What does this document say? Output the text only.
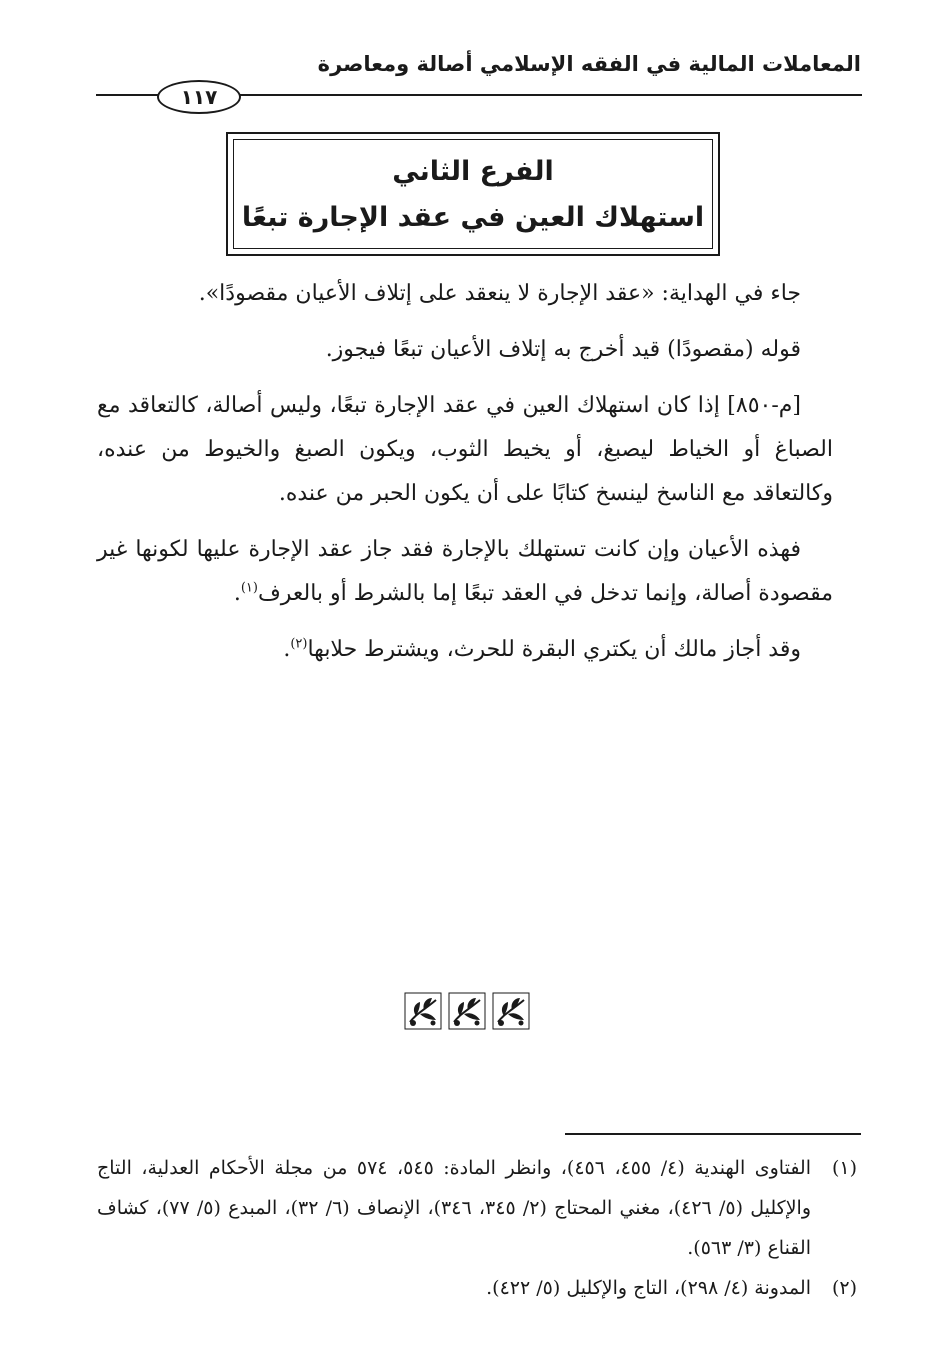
المعاملات المالية في الفقه الإسلامي أصالة ومعاصرة
١١٧
الفرع الثاني
استهلاك العين في عقد الإجارة تبعًا

جاء في الهداية: «عقد الإجارة لا ينعقد على إتلاف الأعيان مقصودًا».

قوله (مقصودًا) قيد أخرج به إتلاف الأعيان تبعًا فيجوز.

[م-٨٥٠] إذا كان استهلاك العين في عقد الإجارة تبعًا، وليس أصالة، كالتعاقد مع الصباغ أو الخياط ليصبغ، أو يخيط الثوب، ويكون الصبغ والخيوط من عنده، وكالتعاقد مع الناسخ لينسخ كتابًا على أن يكون الحبر من عنده.

فهذه الأعيان وإن كانت تستهلك بالإجارة فقد جاز عقد الإجارة عليها لكونها غير مقصودة أصالة، وإنما تدخل في العقد تبعًا إما بالشرط أو بالعرف$^{(١)}$.

وقد أجاز مالك أن يكتري البقرة للحرث، ويشترط حلابها$^{(٢)}$.

(١)
الفتاوى الهندية (٤/ ٤٥٥، ٤٥٦)، وانظر المادة: ٥٤٥، ٥٧٤ من مجلة الأحكام العدلية، التاج والإكليل (٥/ ٤٢٦)، مغني المحتاج (٢/ ٣٤٥، ٣٤٦)، الإنصاف (٦/ ٣٢)، المبدع (٥/ ٧٧)، كشاف القناع (٣/ ٥٦٣).
(٢)
المدونة (٤/ ٢٩٨)، التاج والإكليل (٥/ ٤٢٢).
